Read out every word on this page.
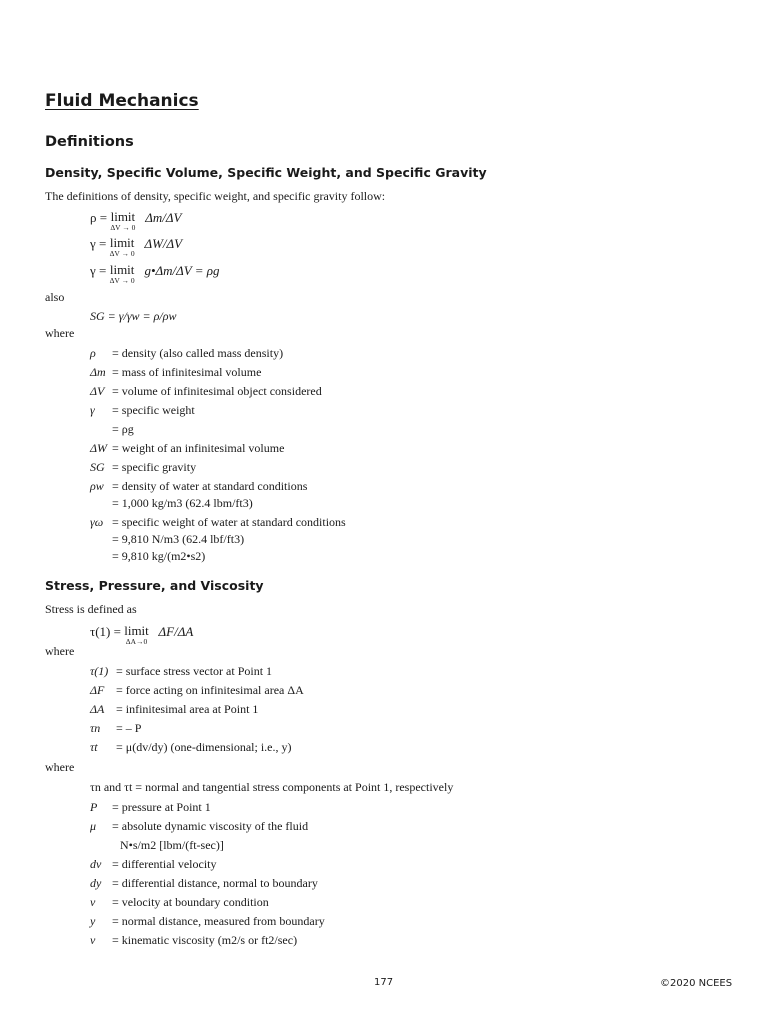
Fluid Mechanics
Definitions
Density, Specific Volume, Specific Weight, and Specific Gravity
The definitions of density, specific weight, and specific gravity follow:
ρ = limit
ΔV → 0
Δm/ΔV
γ = limit
ΔV → 0
ΔW/ΔV
γ = limit
ΔV → 0
g•Δm/ΔV = ρg
also
SG = γ/γw = ρ/ρw
where
ρ = density (also called mass density)
Δm = mass of infinitesimal volume
ΔV = volume of infinitesimal object considered
γ = specific weight
= ρg
ΔW = weight of an infinitesimal volume
SG = specific gravity
ρw = density of water at standard conditions
= 1,000 kg/m3 (62.4 lbm/ft3)
γω = specific weight of water at standard conditions
= 9,810 N/m3 (62.4 lbf/ft3)
= 9,810 kg/(m2•s2)
Stress, Pressure, and Viscosity
Stress is defined as
τ(1) = limit
ΔA→0
ΔF/ΔA
where
τ(1) = surface stress vector at Point 1
ΔF = force acting on infinitesimal area ΔA
ΔA = infinitesimal area at Point 1
τn = – P
τt = μ(dv/dy) (one-dimensional; i.e., y)
where
τn and τt = normal and tangential stress components at Point 1, respectively
P = pressure at Point 1
μ = absolute dynamic viscosity of the fluid
N•s/m2 [lbm/(ft-sec)]
dv = differential velocity
dy = differential distance, normal to boundary
v = velocity at boundary condition
y = normal distance, measured from boundary
ν = kinematic viscosity (m2/s or ft2/sec)
177	©2020 NCEES
